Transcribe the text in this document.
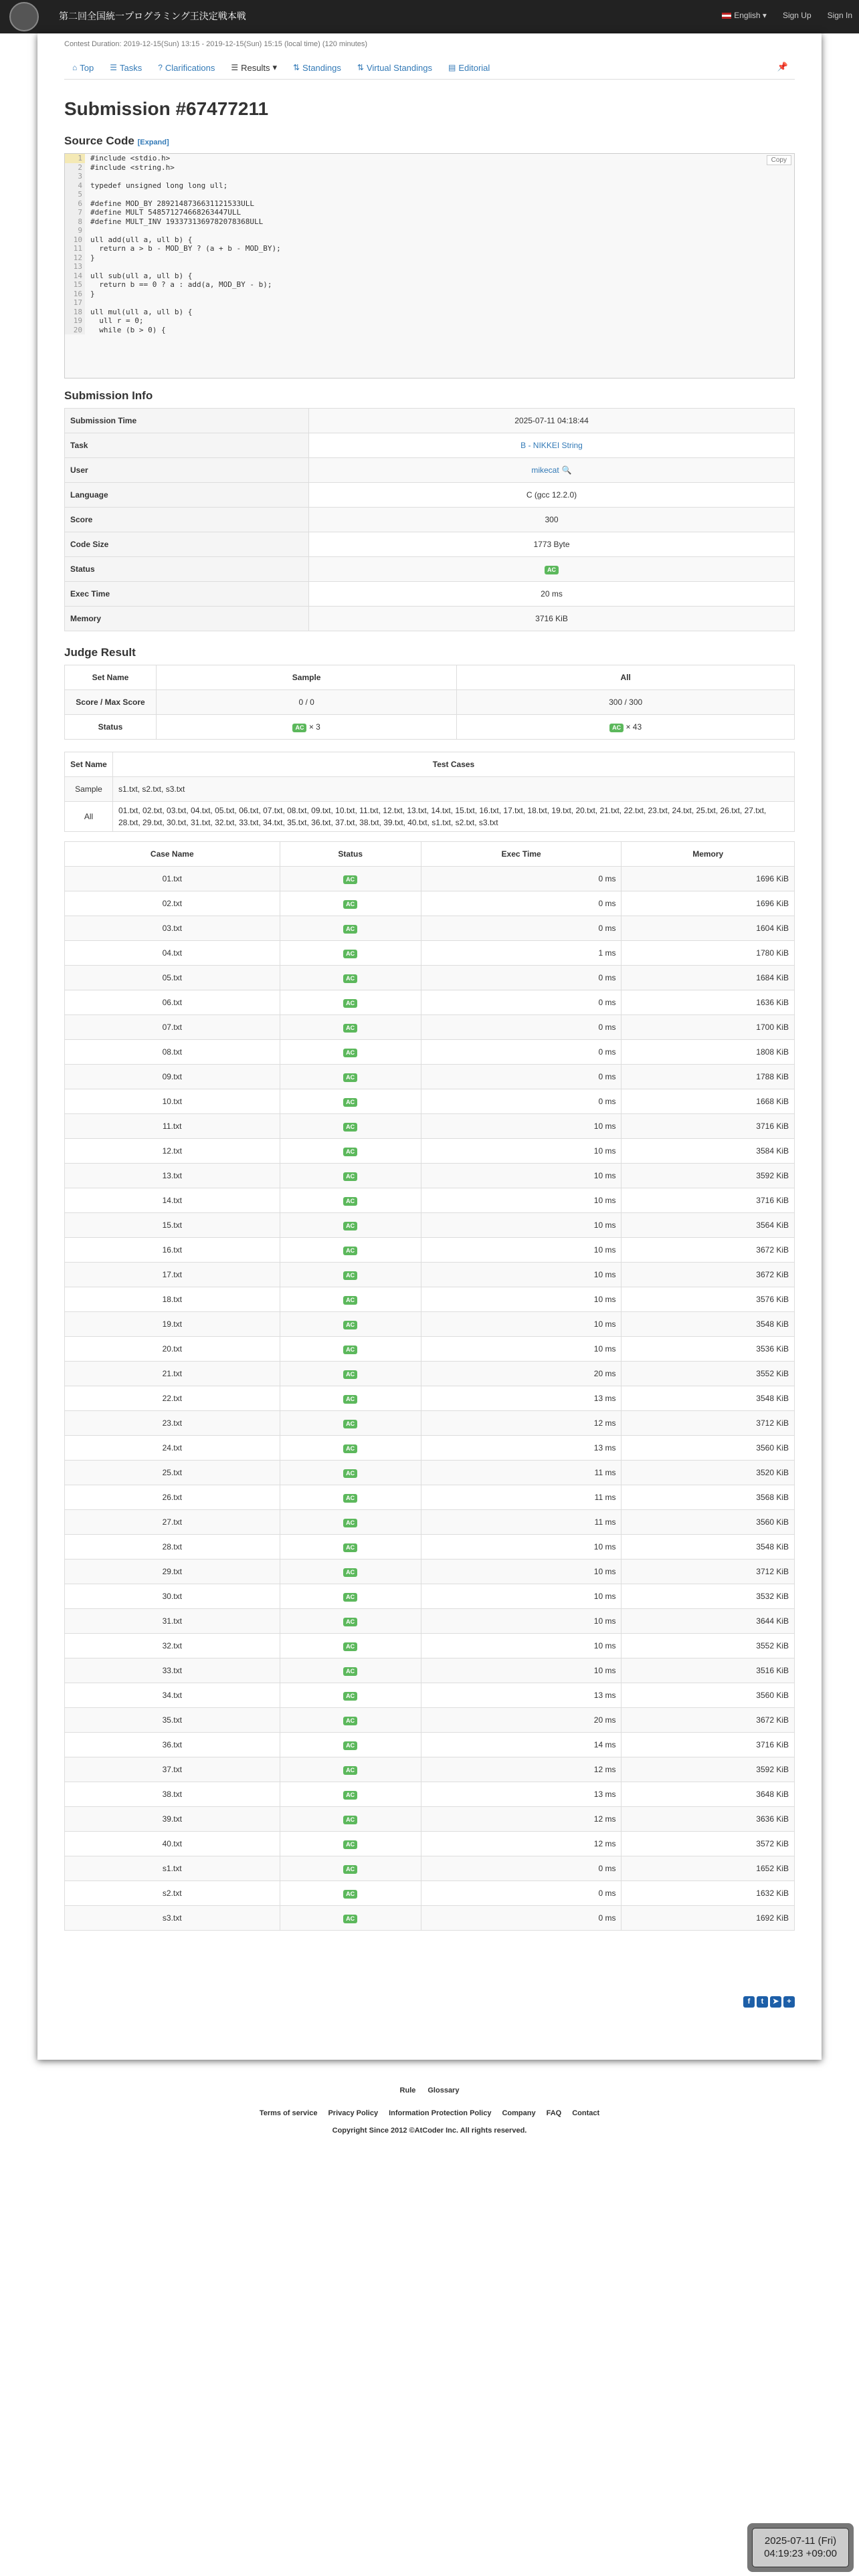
第二回全国統一プログラミング王決定戦本戦	English ▾ Sign Up Sign In
Contest Duration: 2019-12-15(Sun) 13:15 - 2019-12-15(Sun) 15:15 (local time) (120 minutes)
⌂ Top ☰ Tasks ? Clarifications ☰ Results ▾	⇅ Standings ⇅ Virtual Standings ▤ Editorial	📌
Submission #67477211
Source Code [Expand]
Copy
1	#include <stdio.h>
2	#include <string.h>
3
4	typedef unsigned long long ull;
5
6	#define MOD_BY 2892148736631121533ULL
7	#define MULT 548571274668263447ULL
8	#define MULT_INV 1933731369782078368ULL
9
10	ull add(ull a, ull b) {
11	return a > b - MOD_BY ? (a + b - MOD_BY);
12	}
13
14	ull sub(ull a, ull b) {
15	return b == 0 ? a : add(a, MOD_BY - b);
16	}
17
18	ull mul(ull a, ull b) {
19	ull r = 0;
20	while (b > 0) {
Submission Info
Submission Time	2025-07-11 04:18:44
Task	B - NIKKEI String
User	mikecat 🔍
Language	C (gcc 12.2.0)
Score	300
Code Size	1773 Byte
Status	AC
Exec Time	20 ms
Memory	3716 KiB
Judge Result
Set Name	Sample	All
Score / Max Score	0 / 0	300 / 300
Status	AC × 3	AC × 43
Set Name	Test Cases
Sample	s1.txt, s2.txt, s3.txt
All	01.txt, 02.txt, 03.txt, 04.txt, 05.txt, 06.txt, 07.txt, 08.txt, 09.txt, 10.txt, 11.txt, 12.txt, 13.txt, 14.txt, 15.txt, 16.txt, 17.txt, 18.txt, 19.txt, 20.txt, 21.txt, 22.txt, 23.txt, 24.txt, 25.txt, 26.txt, 27.txt, 28.txt, 29.txt, 30.txt, 31.txt, 32.txt, 33.txt, 34.txt, 35.txt, 36.txt, 37.txt, 38.txt, 39.txt, 40.txt, s1.txt, s2.txt, s3.txt
Case Name	Status	Exec Time	Memory
01.txt	AC	0 ms	1696 KiB
02.txt	AC	0 ms	1696 KiB
03.txt	AC	0 ms	1604 KiB
04.txt	AC	1 ms	1780 KiB
05.txt	AC	0 ms	1684 KiB
06.txt	AC	0 ms	1636 KiB
07.txt	AC	0 ms	1700 KiB
08.txt	AC	0 ms	1808 KiB
09.txt	AC	0 ms	1788 KiB
10.txt	AC	0 ms	1668 KiB
11.txt	AC	10 ms	3716 KiB
12.txt	AC	10 ms	3584 KiB
13.txt	AC	10 ms	3592 KiB
14.txt	AC	10 ms	3716 KiB
15.txt	AC	10 ms	3564 KiB
16.txt	AC	10 ms	3672 KiB
17.txt	AC	10 ms	3672 KiB
18.txt	AC	10 ms	3576 KiB
19.txt	AC	10 ms	3548 KiB
20.txt	AC	10 ms	3536 KiB
21.txt	AC	20 ms	3552 KiB
22.txt	AC	13 ms	3548 KiB
23.txt	AC	12 ms	3712 KiB
24.txt	AC	13 ms	3560 KiB
25.txt	AC	11 ms	3520 KiB
26.txt	AC	11 ms	3568 KiB
27.txt	AC	11 ms	3560 KiB
28.txt	AC	10 ms	3548 KiB
29.txt	AC	10 ms	3712 KiB
30.txt	AC	10 ms	3532 KiB
31.txt	AC	10 ms	3644 KiB
32.txt	AC	10 ms	3552 KiB
33.txt	AC	10 ms	3516 KiB
34.txt	AC	13 ms	3560 KiB
35.txt	AC	20 ms	3672 KiB
36.txt	AC	14 ms	3716 KiB
37.txt	AC	12 ms	3592 KiB
38.txt	AC	13 ms	3648 KiB
39.txt	AC	12 ms	3636 KiB
40.txt	AC	12 ms	3572 KiB
s1.txt	AC	0 ms	1652 KiB
s2.txt	AC	0 ms	1632 KiB
s3.txt	AC	0 ms	1692 KiB
f	t	➤	+
Rule Glossary
Terms of service Privacy Policy Information Protection Policy Company FAQ Contact
Copyright Since 2012 ©AtCoder Inc. All rights reserved.
2025-07-11 (Fri)
04:19:23 +09:00
